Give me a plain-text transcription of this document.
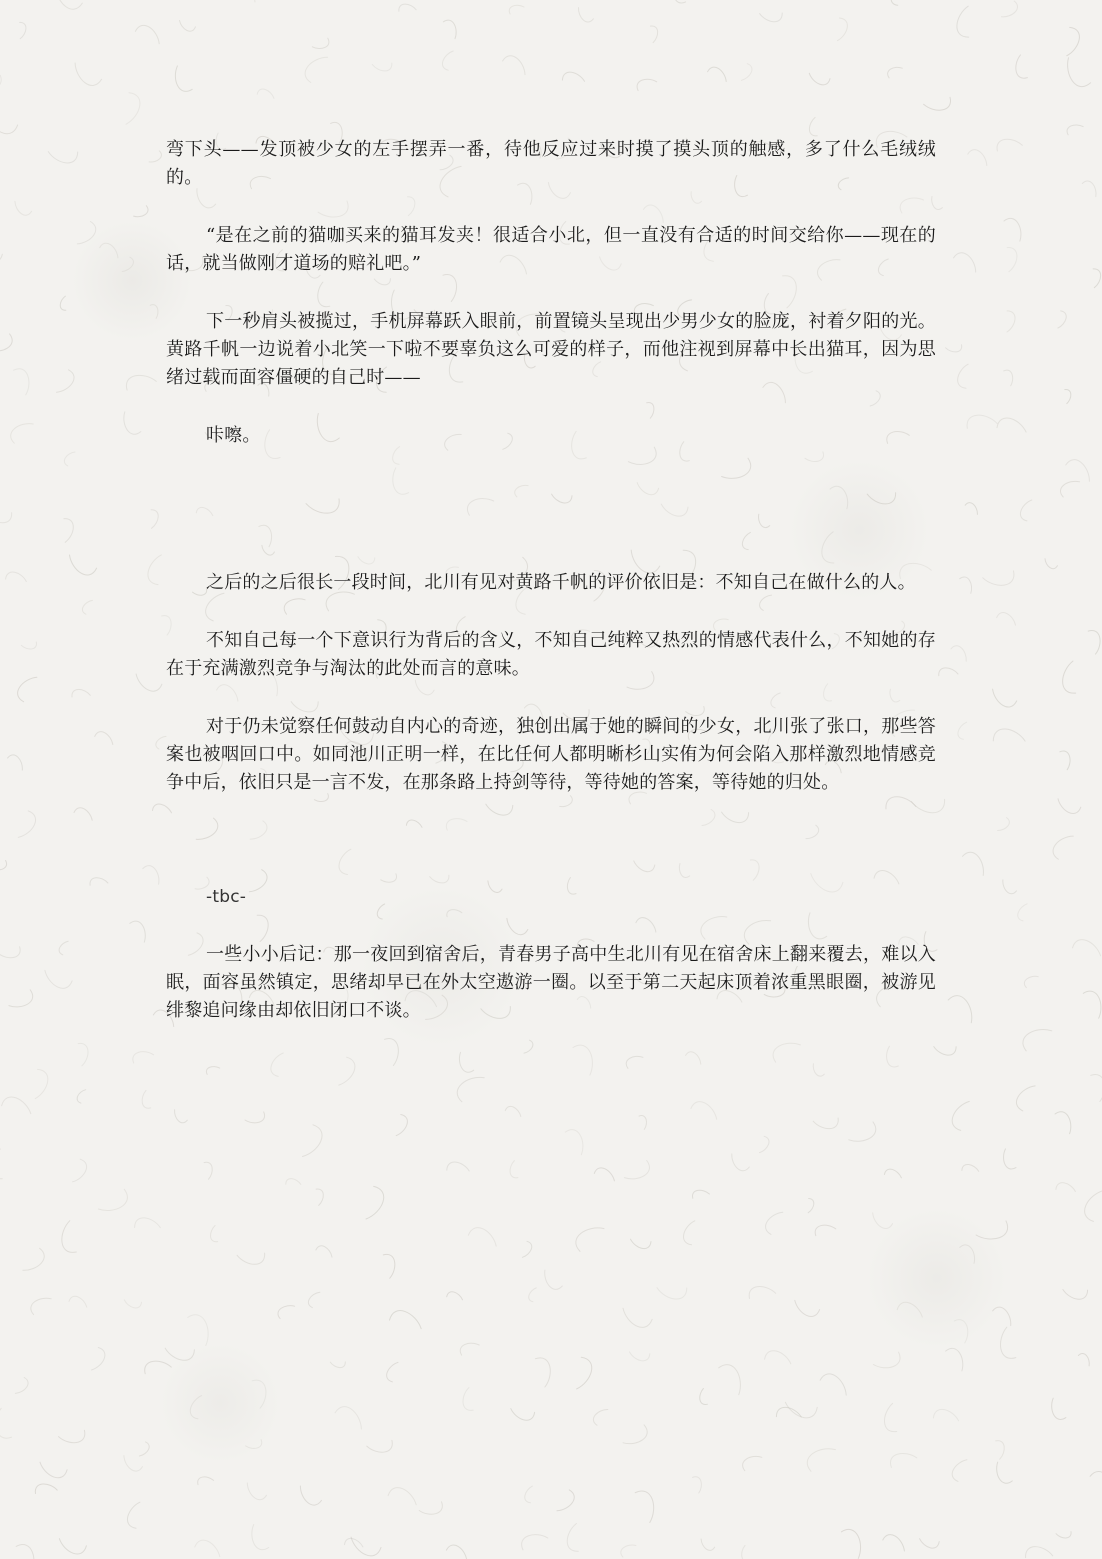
弯下头——发顶被少女的左手摆弄一番，待他反应过来时摸了摸头顶的触感，多了什么毛绒绒的。

“是在之前的猫咖买来的猫耳发夹！很适合小北，但一直没有合适的时间交给你——现在的话，就当做刚才道场的赔礼吧。”

下一秒肩头被揽过，手机屏幕跃入眼前，前置镜头呈现出少男少女的脸庞，衬着夕阳的光。黄路千帆一边说着小北笑一下啦不要辜负这么可爱的样子，而他注视到屏幕中长出猫耳，因为思绪过载而面容僵硬的自己时——

咔嚓。

之后的之后很长一段时间，北川有见对黄路千帆的评价依旧是：不知自己在做什么的人。

不知自己每一个下意识行为背后的含义，不知自己纯粹又热烈的情感代表什么，不知她的存在于充满激烈竞争与淘汰的此处而言的意味。

对于仍未觉察任何鼓动自内心的奇迹，独创出属于她的瞬间的少女，北川张了张口，那些答案也被咽回口中。如同池川正明一样，在比任何人都明晰杉山实侑为何会陷入那样激烈地情感竞争中后，依旧只是一言不发，在那条路上持剑等待，等待她的答案，等待她的归处。

-tbc-

一些小小后记：那一夜回到宿舍后，青春男子高中生北川有见在宿舍床上翻来覆去，难以入眠，面容虽然镇定，思绪却早已在外太空遨游一圈。以至于第二天起床顶着浓重黑眼圈，被游见绯黎追问缘由却依旧闭口不谈。
